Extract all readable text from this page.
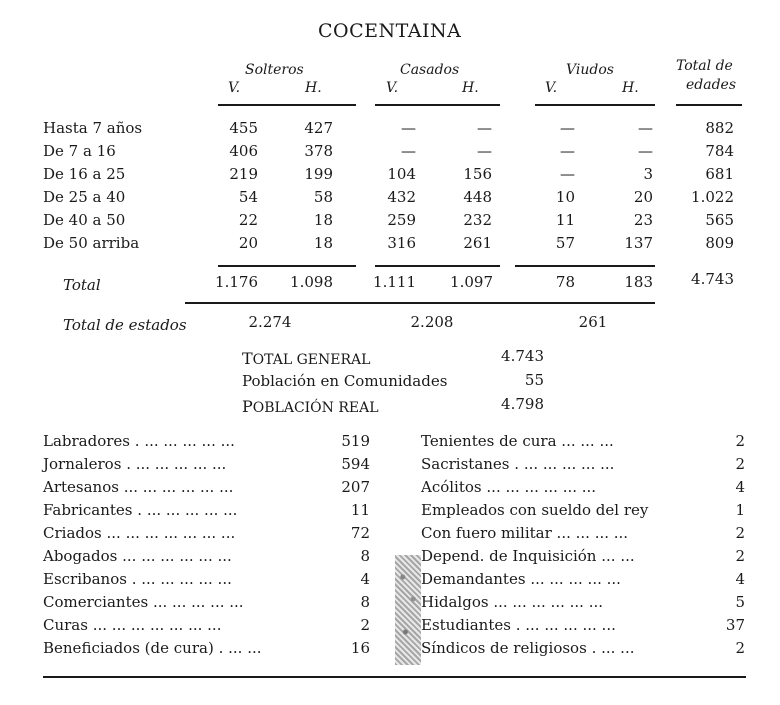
COCENTAINA
Solteros	Casados	Viudos	Total de
edades
V.	H.	V.	H.	V.	H.
Hasta 7 años	455	427	—	—	—	—	882
De 7 a 16	406	378	—	—	—	—	784
De 16 a 25	219	199	104	156	—	3	681
De 25 a 40	54	58	432	448	10	20	1.022
De 40 a 50	22	18	259	232	11	23	565
De 50 arriba	20	18	316	261	57	137	809
Total	1.176	1.098	1.111	1.097	78	183	4.743
Total de estados	2.274	2.208	261
TOTAL GENERAL	4.743
Población en Comunidades	55
POBLACIÓN REAL	4.798
Labradores . ... ... ... ... ...	519
Jornaleros . ... ... ... ... ...	594
Artesanos ... ... ... ... ... ...	207
Fabricantes . ... ... ... ... ...	11
Criados ... ... ... ... ... ... ...	72
Abogados ... ... ... ... ... ...	8
Escribanos . ... ... ... ... ...	4
Comerciantes ... ... ... ... ...	8
Curas ... ... ... ... ... ... ...	2
Beneficiados (de cura) . ... ...	16
Tenientes de cura ... ... ...	2
Sacristanes . ... ... ... ... ...	2
Acólitos ... ... ... ... ... ...	4
Empleados con sueldo del rey	1
Con fuero militar ... ... ... ...	2
Depend. de Inquisición ... ...	2
Demandantes ... ... ... ... ...	4
Hidalgos ... ... ... ... ... ...	5
Estudiantes . ... ... ... ... ...	37
Síndicos de religiosos . ... ...	2
